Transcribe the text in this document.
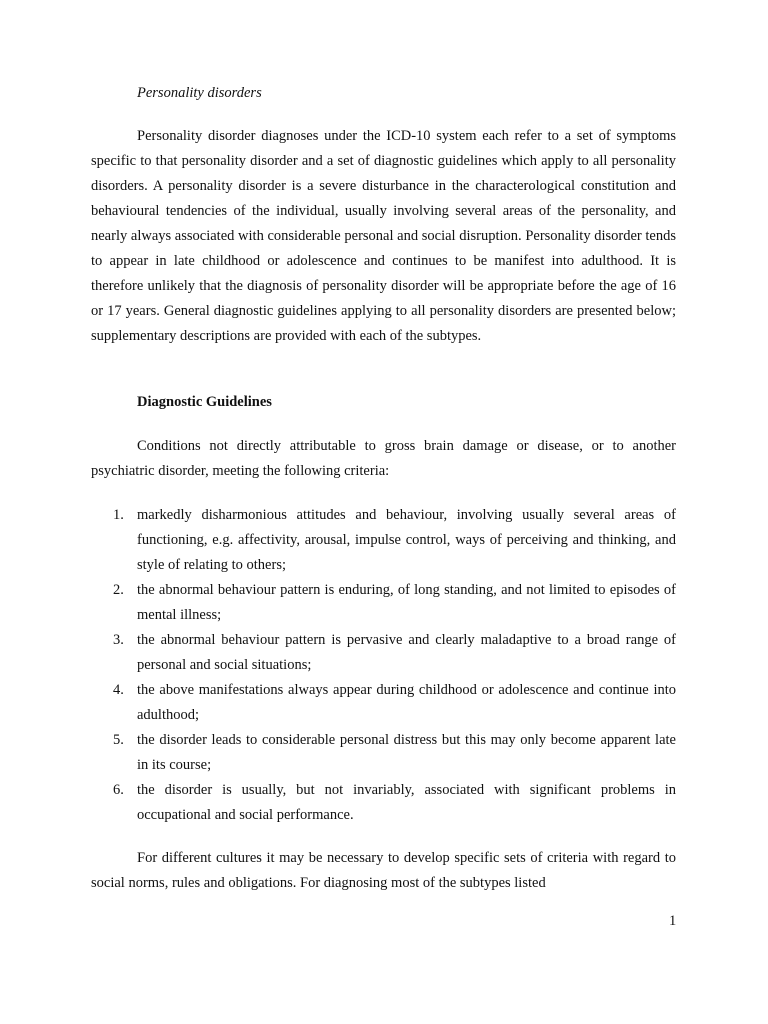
Personality disorders

Personality disorder diagnoses under the ICD-10 system each refer to a set of symptoms specific to that personality disorder and a set of diagnostic guidelines which apply to all personality disorders. A personality disorder is a severe disturbance in the characterological constitution and behavioural tendencies of the individual, usually involving several areas of the personality, and nearly always associated with considerable personal and social disruption. Personality disorder tends to appear in late childhood or adolescence and continues to be manifest into adulthood. It is therefore unlikely that the diagnosis of personality disorder will be appropriate before the age of 16 or 17 years. General diagnostic guidelines applying to all personality disorders are presented below; supplementary descriptions are provided with each of the subtypes.

Diagnostic Guidelines

Conditions not directly attributable to gross brain damage or disease, or to another psychiatric disorder, meeting the following criteria:

1. markedly disharmonious attitudes and behaviour, involving usually several areas of functioning, e.g. affectivity, arousal, impulse control, ways of perceiving and thinking, and style of relating to others;
2. the abnormal behaviour pattern is enduring, of long standing, and not limited to episodes of mental illness;
3. the abnormal behaviour pattern is pervasive and clearly maladaptive to a broad range of personal and social situations;
4. the above manifestations always appear during childhood or adolescence and continue into adulthood;
5. the disorder leads to considerable personal distress but this may only become apparent late in its course;
6. the disorder is usually, but not invariably, associated with significant problems in occupational and social performance.

For different cultures it may be necessary to develop specific sets of criteria with regard to social norms, rules and obligations. For diagnosing most of the subtypes listed

1
